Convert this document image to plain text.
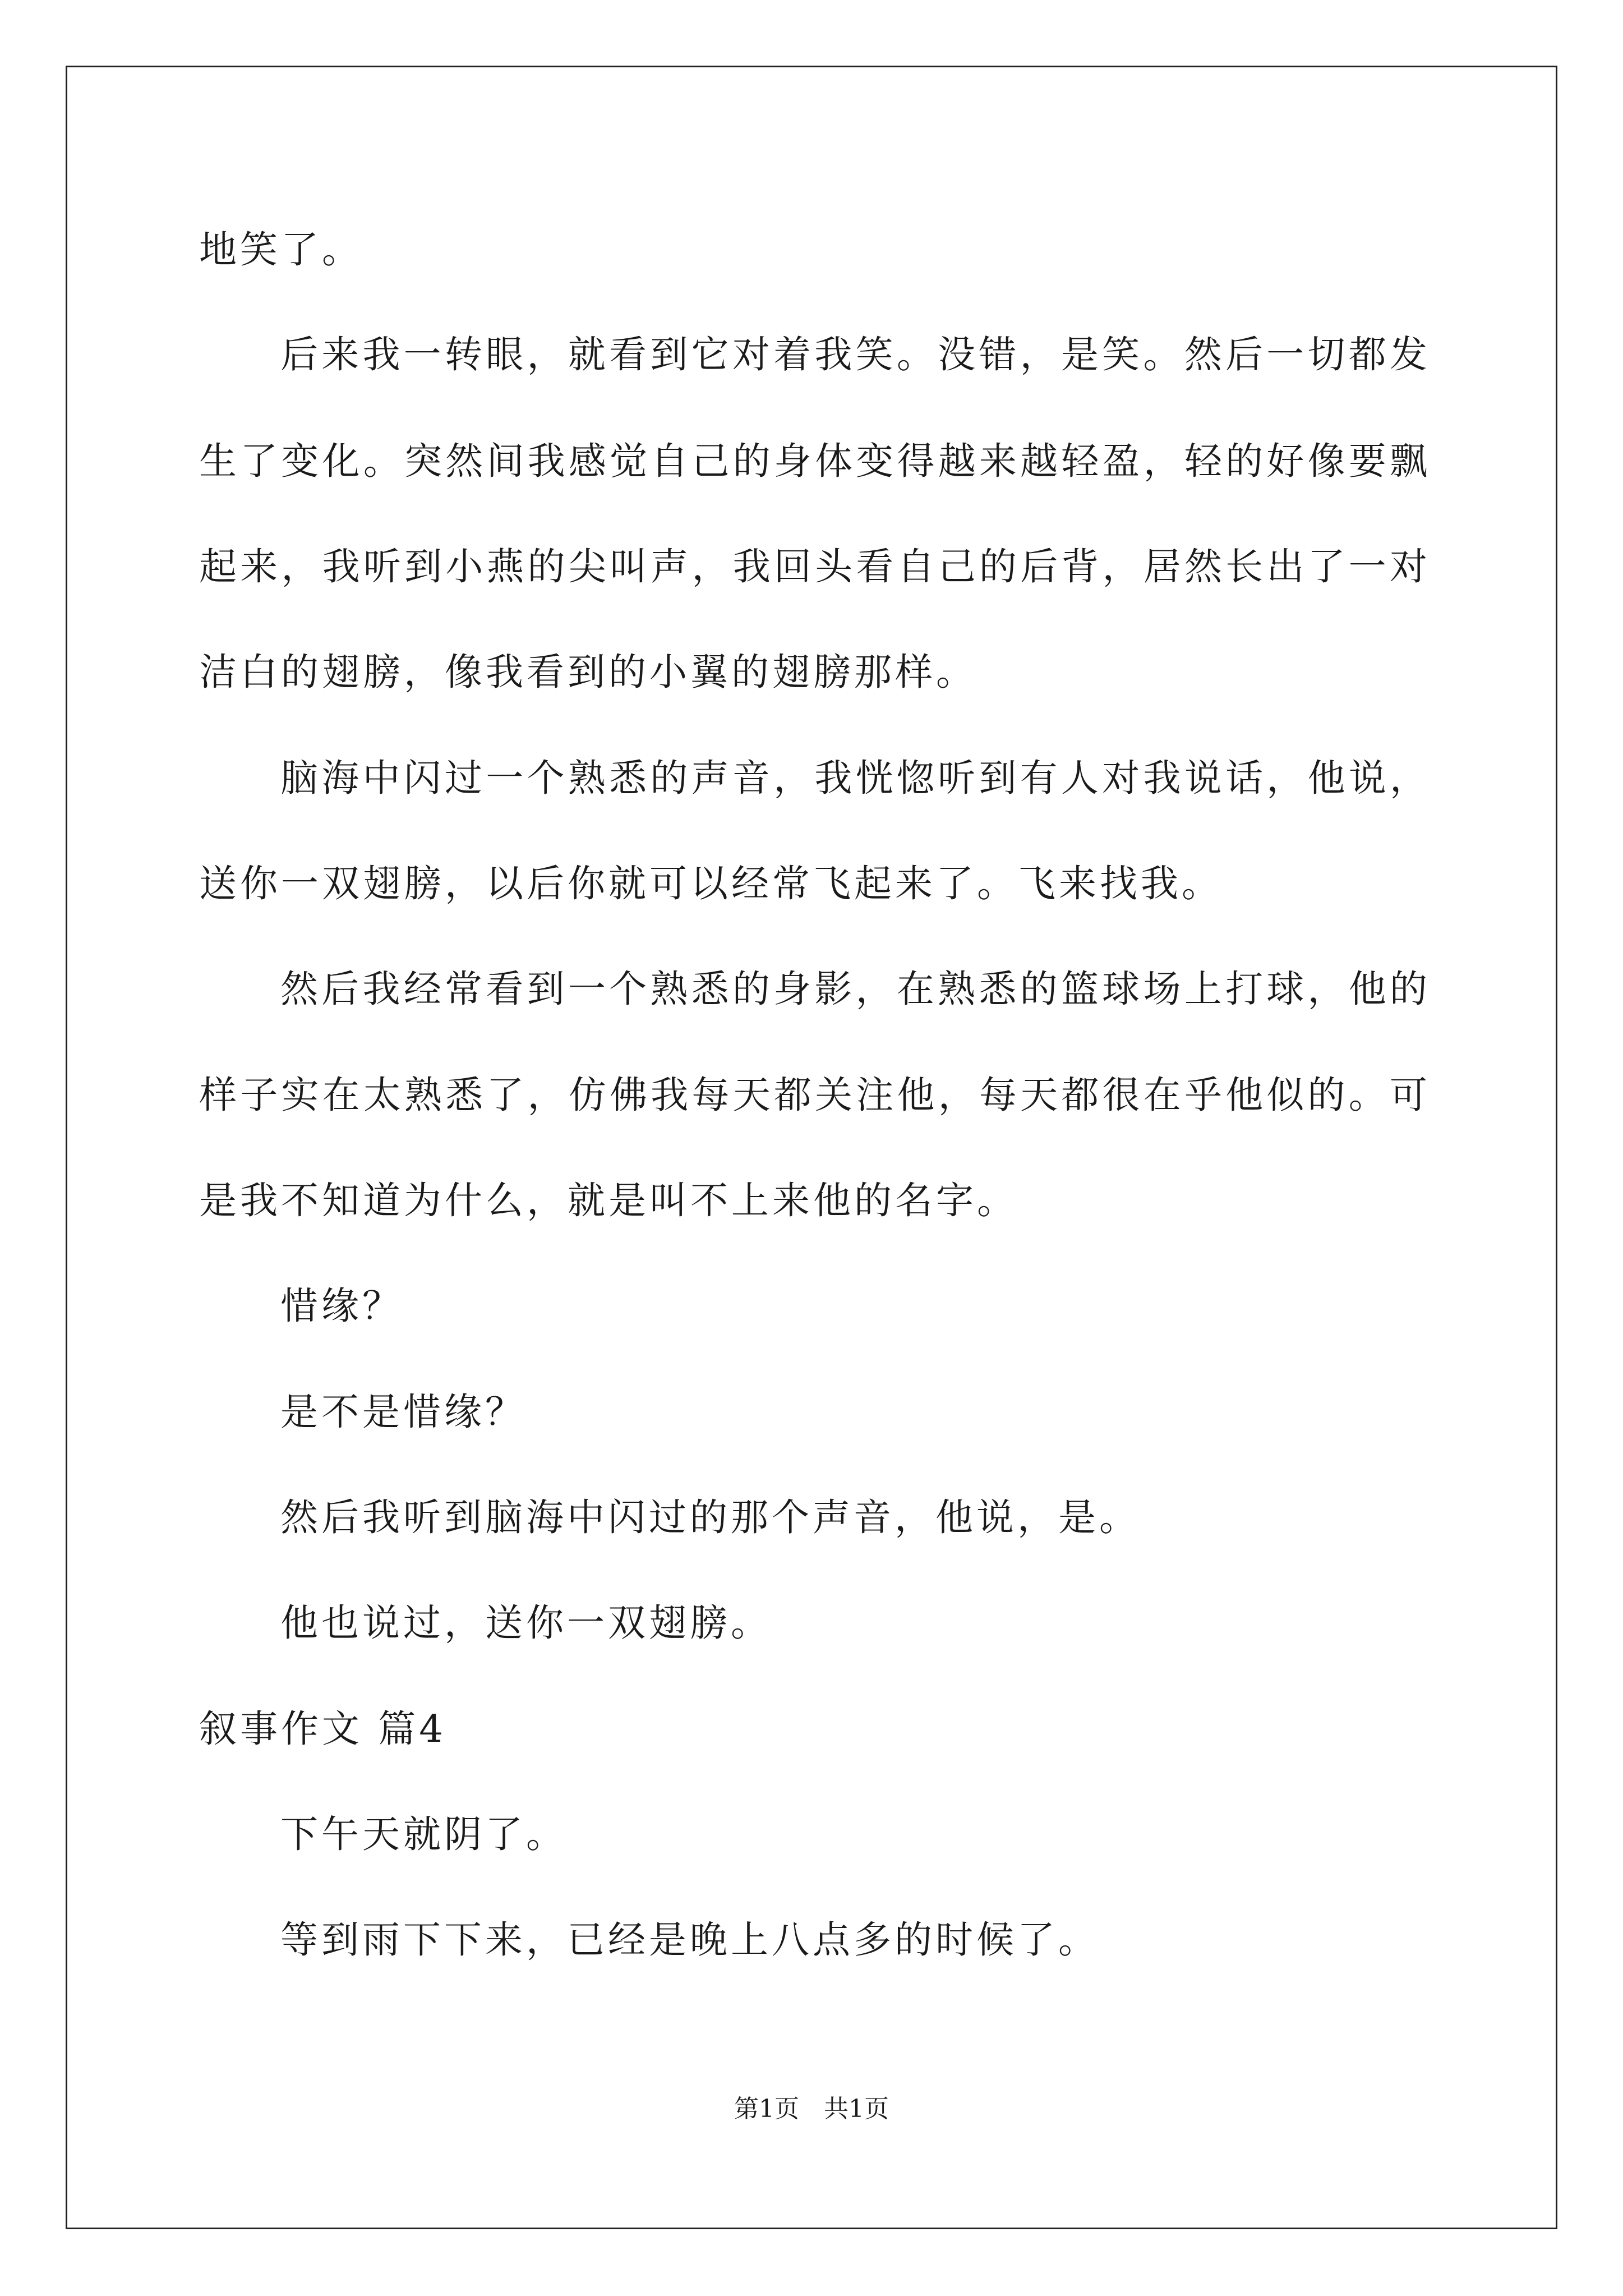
地笑了。
后来我一转眼，就看到它对着我笑。没错，是笑。然后一切都发
生了变化。突然间我感觉自己的身体变得越来越轻盈，轻的好像要飘
起来，我听到小燕的尖叫声，我回头看自己的后背，居然长出了一对
洁白的翅膀，像我看到的小翼的翅膀那样。
脑海中闪过一个熟悉的声音，我恍惚听到有人对我说话，他说，
送你一双翅膀，以后你就可以经常飞起来了。飞来找我。
然后我经常看到一个熟悉的身影，在熟悉的篮球场上打球，他的
样子实在太熟悉了，仿佛我每天都关注他，每天都很在乎他似的。可
是我不知道为什么，就是叫不上来他的名字。
惜缘？
是不是惜缘？
然后我听到脑海中闪过的那个声音，他说，是。
他也说过，送你一双翅膀。
叙事作文 篇4
下午天就阴了。
等到雨下下来，已经是晚上八点多的时候了。
第1页　共1页
